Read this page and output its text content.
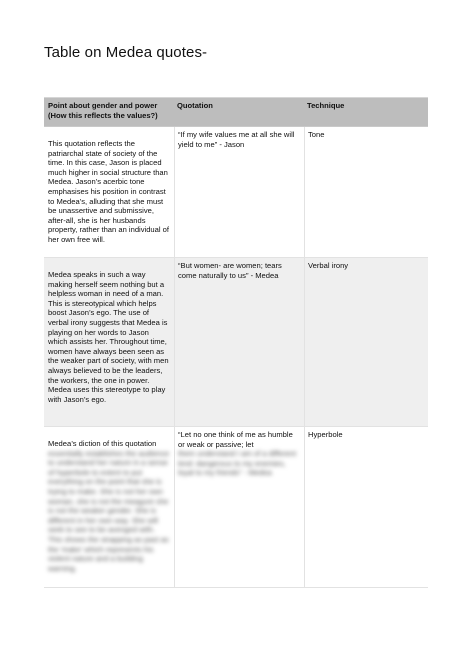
Table on Medea quotes-
Point about gender and power (How this reflects the values?)
Quotation	Technique
This quotation reflects the patriarchal state of society of the time. In this case, Jason is placed much higher in social structure than Medea. Jason’s acerbic tone emphasises his position in contrast to Medea’s, alluding that she must be unassertive and submissive, after-all, she is her husbands property, rather than an individual of her own free will.
“If my wife values me at all she will yield to me” - Jason
Tone
Medea speaks in such a way making herself seem nothing but a helpless woman in need of a man. This is stereotypical which helps boost Jason’s ego. The use of verbal irony suggests that Medea is playing on her words to Jason which assists her. Throughout time, women have always been seen as the weaker part of society, with men always believed to be the leaders, the workers, the one in power. Medea uses this stereotype to play with Jason’s ego.
“But women- are women; tears come naturally to us” - Medea
Verbal irony
Medea’s diction of this quotation
essentially establishes the audience to understand her nature in a sense of hyperbole to extent to put everything on the point that she is trying to make. She is not her own woman, she is not the meagure she is not the weaker gender. She is different in her own way. She will seek to see to be avenged with. This shows the strapping as past as the 'make' which represents his violent nature and a building warning.
“Let no one think of me as humble or weak or passive; let
them understand I am of a different kind: dangerous to my enemies, loyal to my friends” - Medea
Hyperbole
